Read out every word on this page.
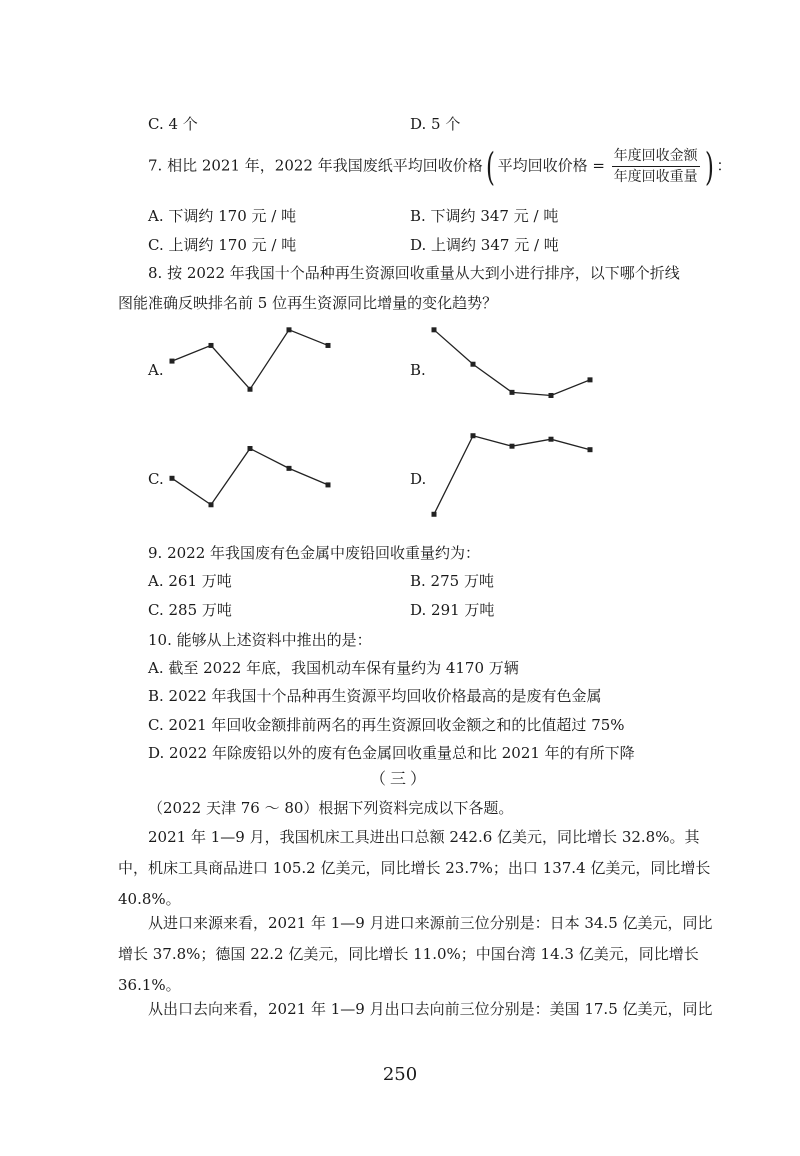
C. 4 个	D. 5 个
7. 相比 2021 年，2022 年我国废纸平均回收价格( 平均回收价格 = $\frac{\text{年度回收金额}}{\text{年度回收重量}}$ ) ：
A. 下调约 170 元 / 吨	B. 下调约 347 元 / 吨
C. 上调约 170 元 / 吨	D. 上调约 347 元 / 吨
8. 按 2022 年我国十个品种再生资源回收重量从大到小进行排序，以下哪个折线
图能准确反映排名前 5 位再生资源同比增量的变化趋势？
A.	B.
C.	D.
9. 2022 年我国废有色金属中废铅回收重量约为：
A. 261 万吨	B. 275 万吨
C. 285 万吨	D. 291 万吨
10. 能够从上述资料中推出的是：
A. 截至 2022 年底，我国机动车保有量约为 4170 万辆
B. 2022 年我国十个品种再生资源平均回收价格最高的是废有色金属
C. 2021 年回收金额排前两名的再生资源回收金额之和的比值超过 75%
D. 2022 年除废铅以外的废有色金属回收重量总和比 2021 年的有所下降
（三）
（2022 天津 76 ～ 80）根据下列资料完成以下各题。
2021 年 1—9 月，我国机床工具进出口总额 242.6 亿美元，同比增长 32.8%。其中，机床工具商品进口 105.2 亿美元，同比增长 23.7%；出口 137.4 亿美元，同比增长 40.8%。
从进口来源来看，2021 年 1—9 月进口来源前三位分别是：日本 34.5 亿美元，同比增长 37.8%；德国 22.2 亿美元，同比增长 11.0%；中国台湾 14.3 亿美元，同比增长 36.1%。
从出口去向来看，2021 年 1—9 月出口去向前三位分别是：美国 17.5 亿美元，同比
250
